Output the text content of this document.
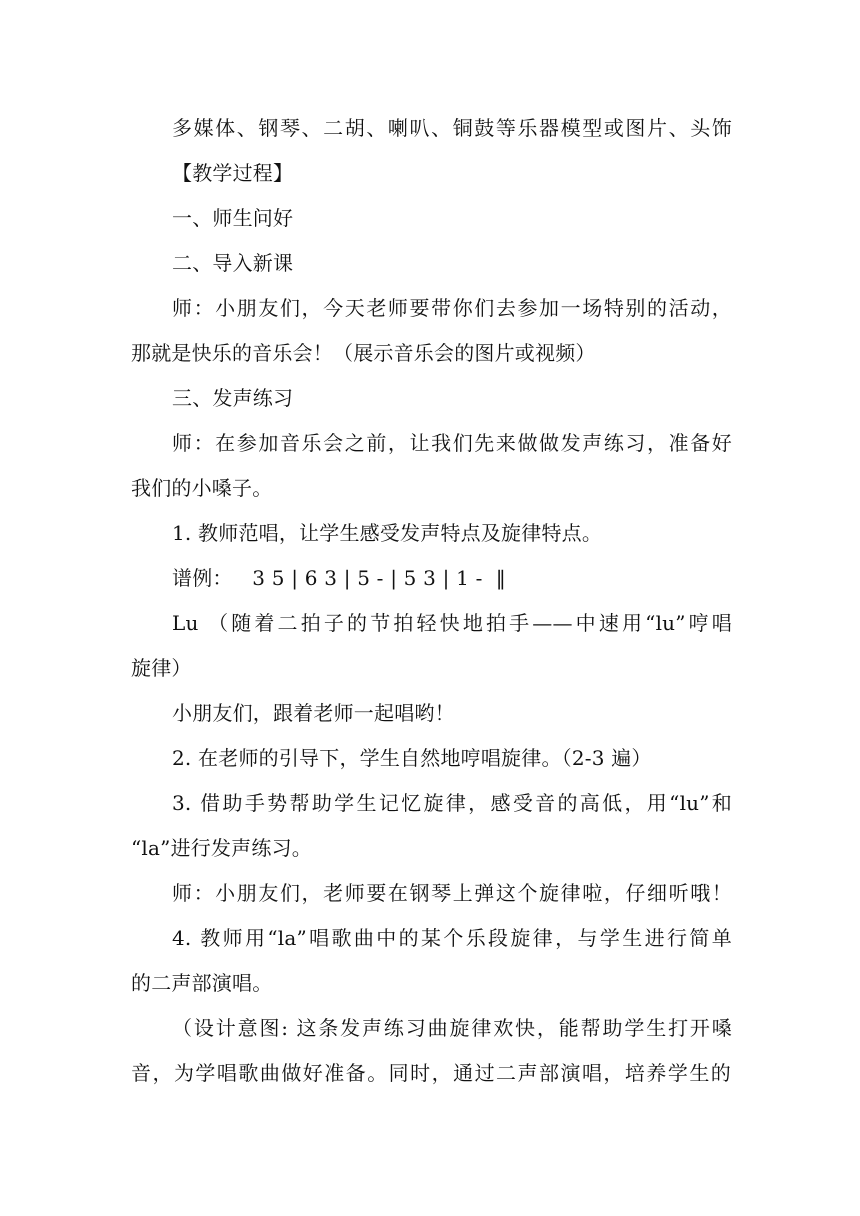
多媒体、钢琴、二胡、喇叭、铜鼓等乐器模型或图片、头饰
【教学过程】
一、师生问好
二、导入新课
师：小朋友们，今天老师要带你们去参加一场特别的活动，
那就是快乐的音乐会！（展示音乐会的图片或视频）
三、发声练习
师：在参加音乐会之前，让我们先来做做发声练习，准备好
我们的小嗓子。
1. 教师范唱，让学生感受发声特点及旋律特点。
谱例：   3 5 | 6 3 | 5 - | 5 3 | 1 -  ‖
Lu （随着二拍子的节拍轻快地拍手——中速用“lu”哼唱
旋律）
小朋友们，跟着老师一起唱哟！
2. 在老师的引导下，学生自然地哼唱旋律。（2-3 遍）
3. 借助手势帮助学生记忆旋律，感受音的高低，用“lu”和
“la”进行发声练习。
师：小朋友们，老师要在钢琴上弹这个旋律啦，仔细听哦！
4. 教师用“la”唱歌曲中的某个乐段旋律，与学生进行简单
的二声部演唱。
（设计意图: 这条发声练习曲旋律欢快，能帮助学生打开嗓
音，为学唱歌曲做好准备。同时，通过二声部演唱，培养学生的
